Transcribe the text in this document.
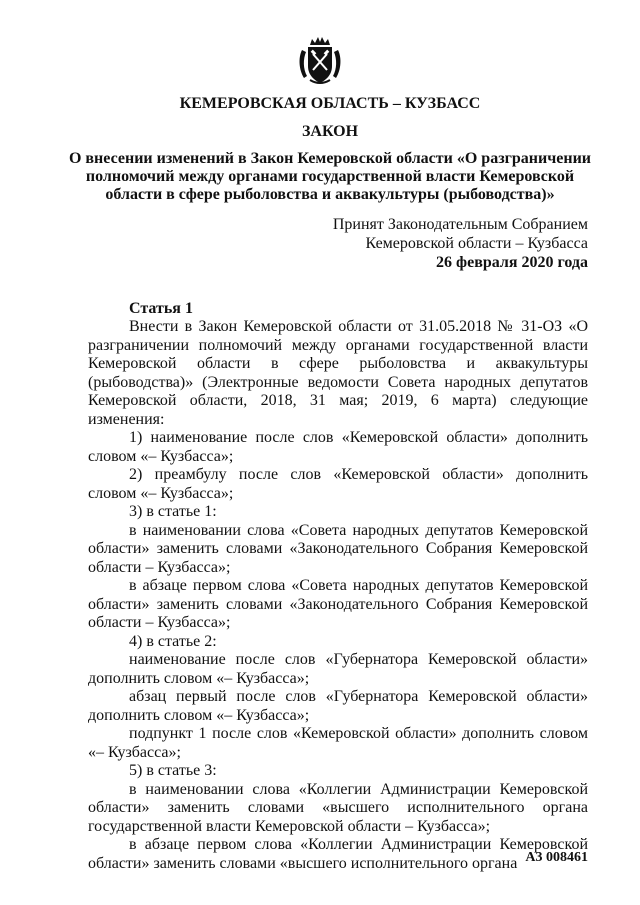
КЕМЕРОВСКАЯ ОБЛАСТЬ – КУЗБАСС
ЗАКОН
О внесении изменений в Закон Кемеровской области «О разграничении
полномочий между органами государственной власти Кемеровской
области в сфере рыболовства и аквакультуры (рыбоводства)»
Принят Законодательным Собранием
Кемеровской области – Кузбасса
26 февраля 2020 года
Статья 1

Внести в Закон Кемеровской области от 31.05.2018 № 31-ОЗ «О разграничении полномочий между органами государственной власти Кемеровской области в сфере рыболовства и аквакультуры (рыбоводства)» (Электронные ведомости Совета народных депутатов Кемеровской области, 2018, 31 мая; 2019, 6 марта) следующие изменения:

1) наименование после слов «Кемеровской области» дополнить словом «– Кузбасса»;

2) преамбулу после слов «Кемеровской области» дополнить словом «– Кузбасса»;

3) в статье 1:

в наименовании слова «Совета народных депутатов Кемеровской области» заменить словами «Законодательного Собрания Кемеровской области – Кузбасса»;

в абзаце первом слова «Совета народных депутатов Кемеровской области» заменить словами «Законодательного Собрания Кемеровской области – Кузбасса»;

4) в статье 2:

наименование после слов «Губернатора Кемеровской области» дополнить словом «– Кузбасса»;

абзац первый после слов «Губернатора Кемеровской области» дополнить словом «– Кузбасса»;

подпункт 1 после слов «Кемеровской области» дополнить словом «– Кузбасса»;

5) в статье 3:

в наименовании слова «Коллегии Администрации Кемеровской области» заменить словами «высшего исполнительного органа государственной власти Кемеровской области – Кузбасса»;

в абзаце первом слова «Коллегии Администрации Кемеровской области» заменить словами «высшего исполнительного органа А3 008461
